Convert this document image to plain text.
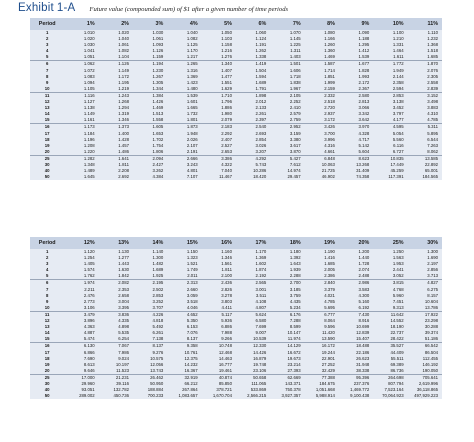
Exhibit 1-A Future value (compounded sum) of $1 after a given number of time periods
Period	1%	2%	3%	4%	5%	6%	7%	8%	9%	10%	11%
1	1.010	1.020	1.030	1.040	1.050	1.060	1.070	1.080	1.090	1.100	1.110
2	1.020	1.040	1.061	1.082	1.103	1.124	1.145	1.166	1.188	1.210	1.232
3	1.030	1.061	1.093	1.125	1.158	1.191	1.225	1.260	1.295	1.331	1.368
4	1.041	1.082	1.126	1.170	1.216	1.262	1.311	1.360	1.412	1.464	1.518
5	1.051	1.104	1.159	1.217	1.276	1.338	1.403	1.469	1.539	1.611	1.685
6	1.062	1.126	1.194	1.265	1.340	1.419	1.501	1.587	1.677	1.772	1.870
7	1.072	1.149	1.230	1.316	1.407	1.504	1.606	1.714	1.828	1.949	2.076
8	1.083	1.172	1.267	1.369	1.477	1.594	1.718	1.851	1.993	2.144	2.305
9	1.094	1.195	1.305	1.423	1.551	1.689	1.838	1.999	2.172	2.358	2.558
10	1.105	1.219	1.344	1.480	1.629	1.791	1.967	2.159	2.367	2.594	2.839
11	1.116	1.243	1.384	1.539	1.710	1.898	2.105	2.332	2.580	2.853	3.152
12	1.127	1.268	1.426	1.601	1.796	2.012	2.252	2.518	2.813	3.138	3.498
13	1.138	1.294	1.469	1.665	1.886	2.133	2.410	2.720	3.066	3.452	3.883
14	1.149	1.319	1.513	1.732	1.980	2.261	2.579	2.937	3.342	3.797	4.310
15	1.161	1.346	1.558	1.801	2.079	2.397	2.759	3.172	3.642	4.177	4.785
16	1.173	1.373	1.605	1.873	2.183	2.540	2.952	3.426	3.970	4.595	5.311
17	1.184	1.400	1.653	1.948	2.292	2.693	3.159	3.700	4.328	5.054	5.895
18	1.196	1.428	1.702	2.026	2.407	2.854	3.380	3.996	4.717	5.560	6.544
19	1.208	1.457	1.754	2.107	2.527	3.026	3.617	4.316	5.142	6.116	7.263
20	1.220	1.486	1.806	2.191	2.653	3.207	3.870	4.661	5.604	6.727	8.062
25	1.282	1.641	2.094	2.666	3.386	4.292	5.427	6.848	8.623	10.835	13.585
30	1.348	1.811	2.427	3.243	4.322	5.743	7.612	10.063	13.268	17.449	22.892
40	1.489	2.208	3.262	4.801	7.040	10.286	14.974	21.725	31.409	45.259	65.001
50	1.645	2.692	4.384	7.107	11.467	18.420	29.457	46.902	74.358	117.391	184.565
Period	12%	13%	14%	15%	16%	17%	18%	19%	20%	25%	30%
1	1.120	1.130	1.140	1.150	1.160	1.170	1.180	1.190	1.200	1.250	1.300
2	1.254	1.277	1.300	1.323	1.346	1.369	1.392	1.416	1.440	1.563	1.690
3	1.405	1.443	1.482	1.521	1.561	1.602	1.643	1.685	1.728	1.953	2.197
4	1.574	1.630	1.689	1.749	1.811	1.874	1.939	2.005	2.074	2.441	2.856
5	1.762	1.842	1.925	2.011	2.100	2.192	2.288	2.386	2.488	3.052	3.713
6	1.974	2.082	2.195	2.313	2.436	2.565	2.700	2.840	2.986	3.815	4.827
7	2.211	2.353	2.502	2.660	2.826	3.001	3.185	3.379	3.583	4.768	6.275
8	2.476	2.658	2.853	3.059	3.278	3.511	3.759	4.021	4.300	5.960	8.157
9	2.773	3.004	3.252	3.518	3.803	4.108	4.435	4.785	5.160	7.451	10.604
10	3.106	3.395	3.707	4.046	4.411	4.807	5.234	5.695	6.192	9.313	13.786
11	3.479	3.836	4.226	4.652	5.117	5.624	6.176	6.777	7.430	11.642	17.922
12	3.896	4.335	4.818	5.350	5.936	6.580	7.288	8.064	8.916	14.552	23.298
13	4.363	4.898	5.492	6.153	6.886	7.699	8.599	9.596	10.699	18.190	30.288
14	4.887	5.535	6.261	7.076	7.988	9.007	10.147	11.420	12.839	22.737	39.374
15	5.474	6.254	7.138	8.137	9.266	10.539	11.974	13.590	15.407	28.422	51.186
16	6.130	7.067	8.137	9.358	10.748	12.330	14.129	16.172	18.488	35.527	66.542
17	6.866	7.986	9.276	10.761	12.468	14.426	16.672	19.244	22.186	44.409	86.504
18	7.690	9.024	10.575	12.375	14.463	16.879	19.673	22.901	26.623	55.511	112.455
19	8.613	10.197	12.056	14.232	16.777	19.748	23.214	27.252	31.948	69.389	146.192
20	9.646	11.523	13.743	16.367	19.461	23.106	27.393	32.429	38.338	86.736	190.050
25	17.000	21.231	26.462	32.919	40.874	50.658	62.669	77.388	95.396	264.698	705.641
30	29.960	39.116	50.950	66.212	85.850	111.065	143.371	184.675	237.376	807.794	2,619.996
40	93.051	132.782	188.884	267.864	378.721	533.869	750.378	1,051.668	1,469.772	7,523.164	36,118.865
50	289.002	450.736	700.233	1,083.657	1,670.704	2,566.215	3,927.357	5,988.914	9,100.438	70,064.923	497,929.223
